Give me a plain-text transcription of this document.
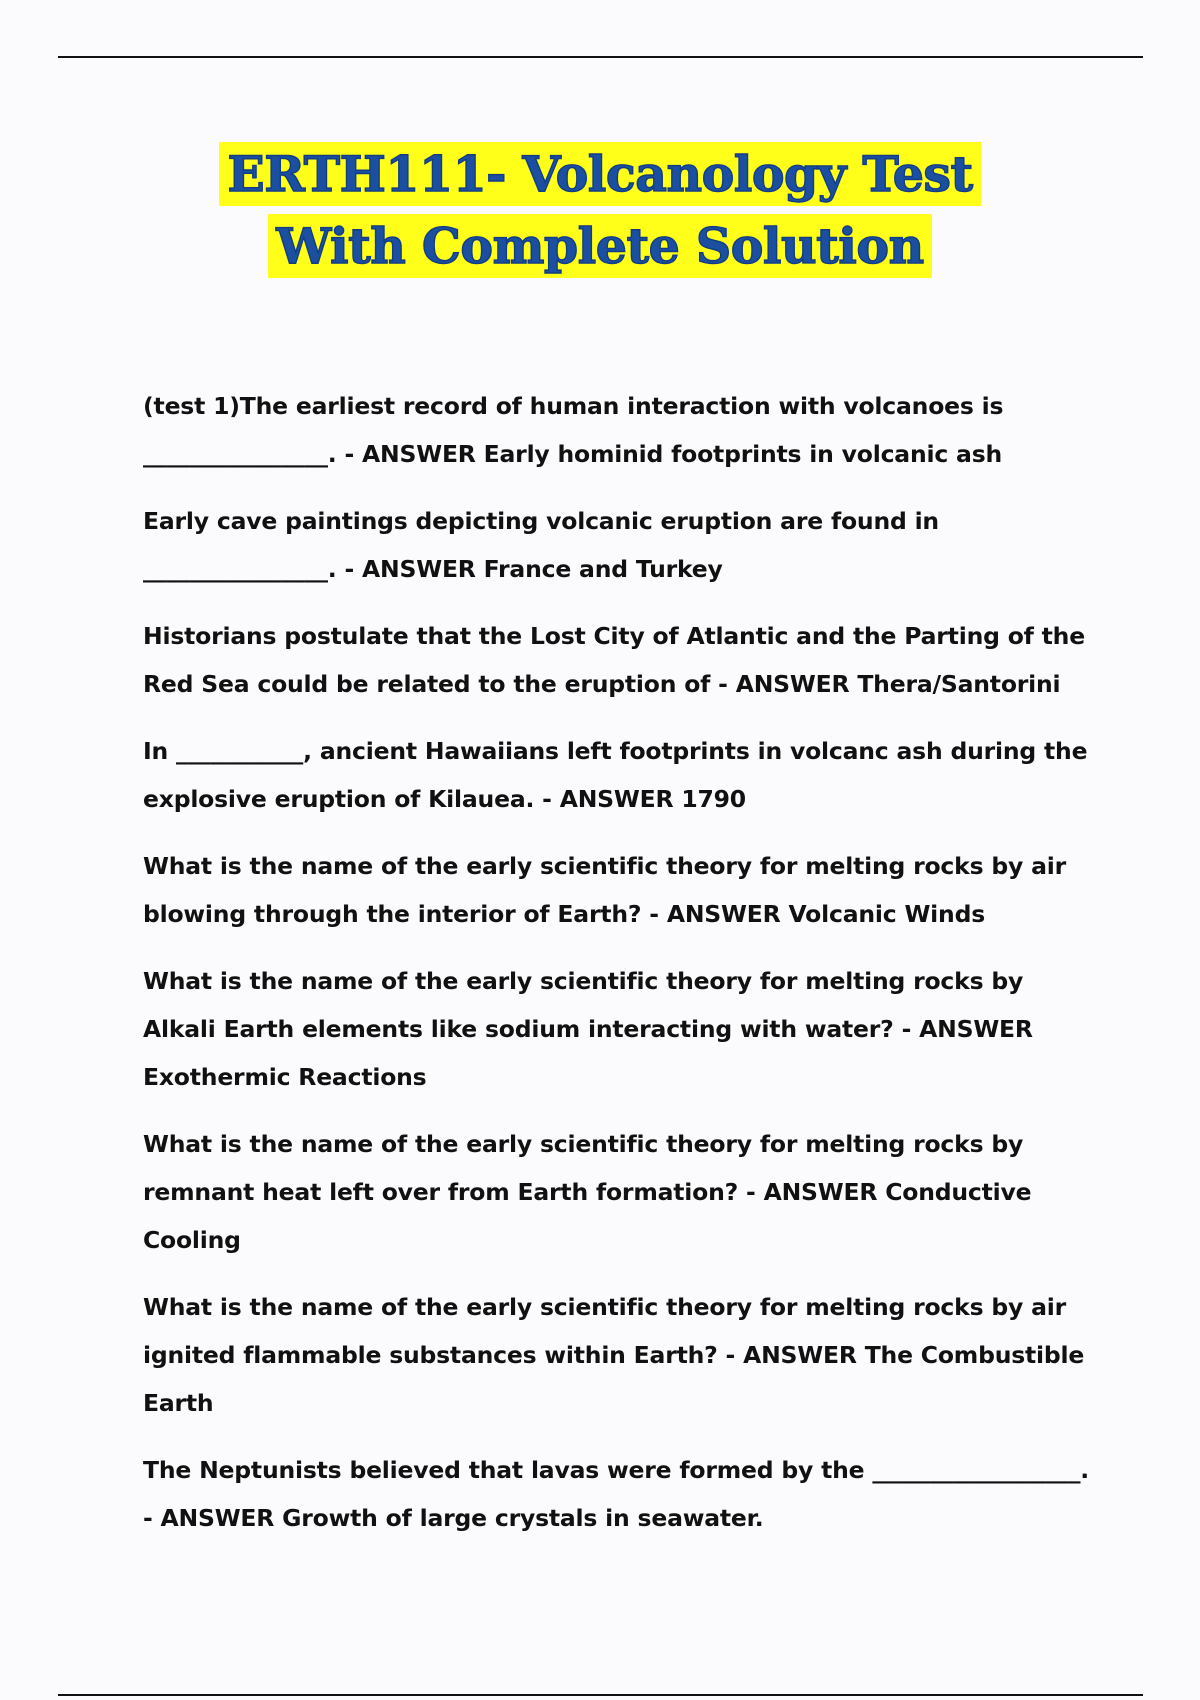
ERTH111- Volcanology Test
With Complete Solution
(test 1)The earliest record of human interaction with volcanoes is ________________. - ANSWER Early hominid footprints in volcanic ash
Early cave paintings depicting volcanic eruption are found in ________________. - ANSWER France and Turkey
Historians postulate that the Lost City of Atlantic and the Parting of the Red Sea could be related to the eruption of - ANSWER Thera/Santorini
In ___________, ancient Hawaiians left footprints in volcanc ash during the explosive eruption of Kilauea. - ANSWER 1790
What is the name of the early scientific theory for melting rocks by air blowing through the interior of Earth? - ANSWER Volcanic Winds
What is the name of the early scientific theory for melting rocks by Alkali Earth elements like sodium interacting with water? - ANSWER Exothermic Reactions
What is the name of the early scientific theory for melting rocks by remnant heat left over from Earth formation? - ANSWER Conductive Cooling
What is the name of the early scientific theory for melting rocks by air ignited flammable substances within Earth? - ANSWER The Combustible Earth
The Neptunists believed that lavas were formed by the __________________. - ANSWER Growth of large crystals in seawater.
